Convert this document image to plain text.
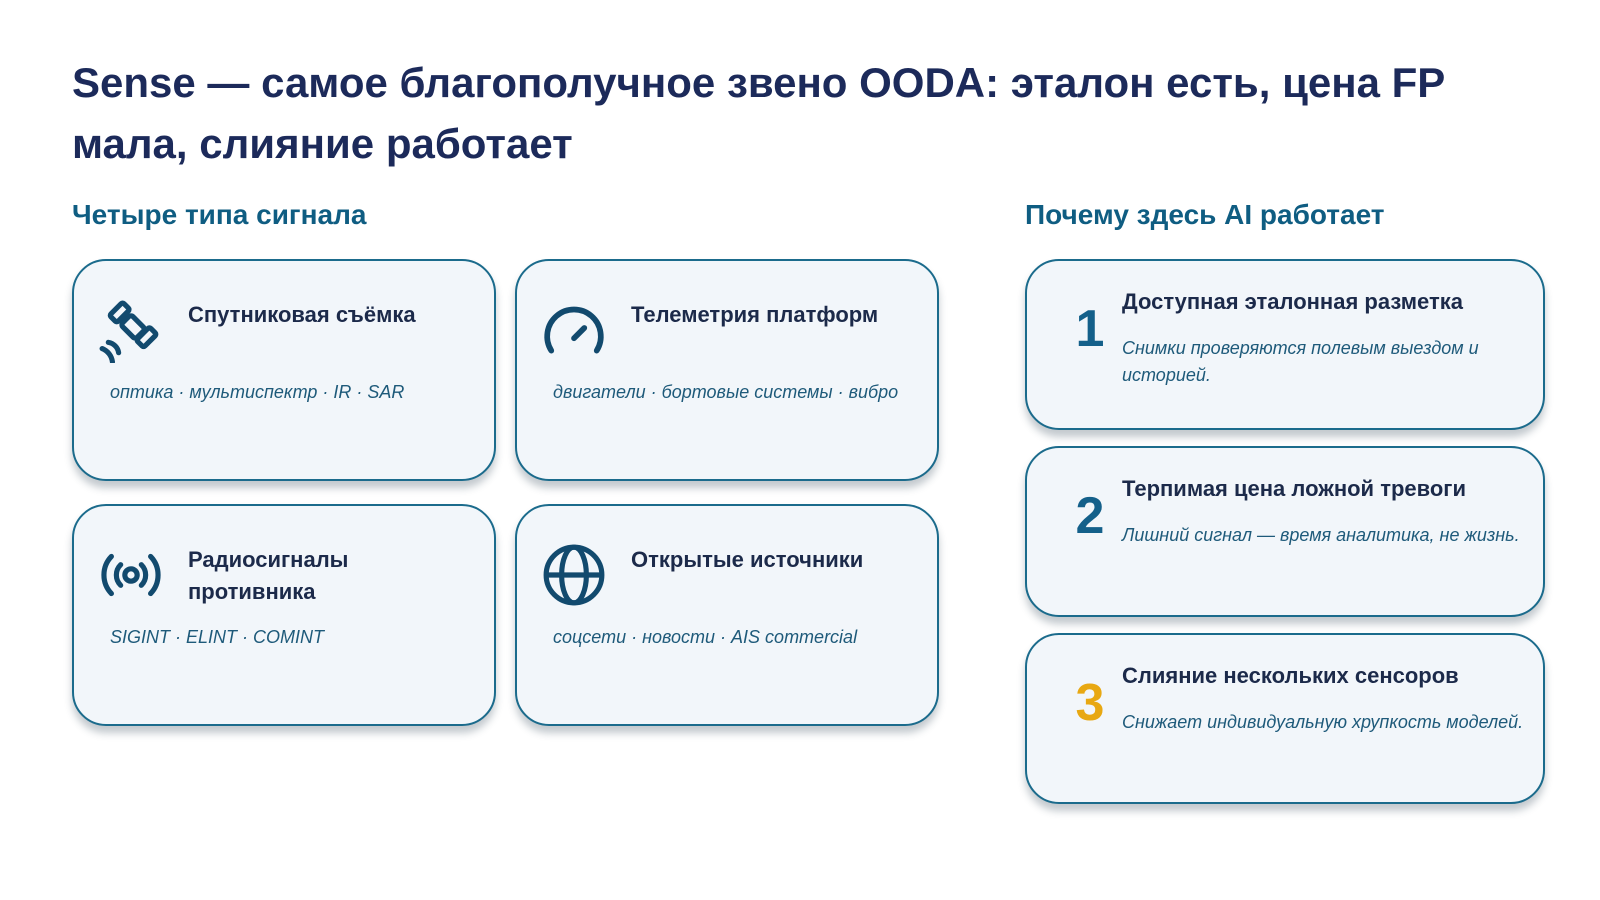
Sense — самое благополучное звено OODA: эталон есть, цена FP мала, слияние работает
Четыре типа сигнала	Почему здесь AI работает
Спутниковая съёмка

оптика · мультиспектр · IR · SAR

Телеметрия платформ

двигатели · бортовые системы · вибро

Радиосигналы противника

SIGINT · ELINT · COMINT

Открытые источники

соцсети · новости · AIS commercial

1 Доступная эталонная разметка

Снимки проверяются полевым выездом и историей.

2 Терпимая цена ложной тревоги

Лишний сигнал — время аналитика, не жизнь.

3 Слияние нескольких сенсоров

Снижает индивидуальную хрупкость моделей.
